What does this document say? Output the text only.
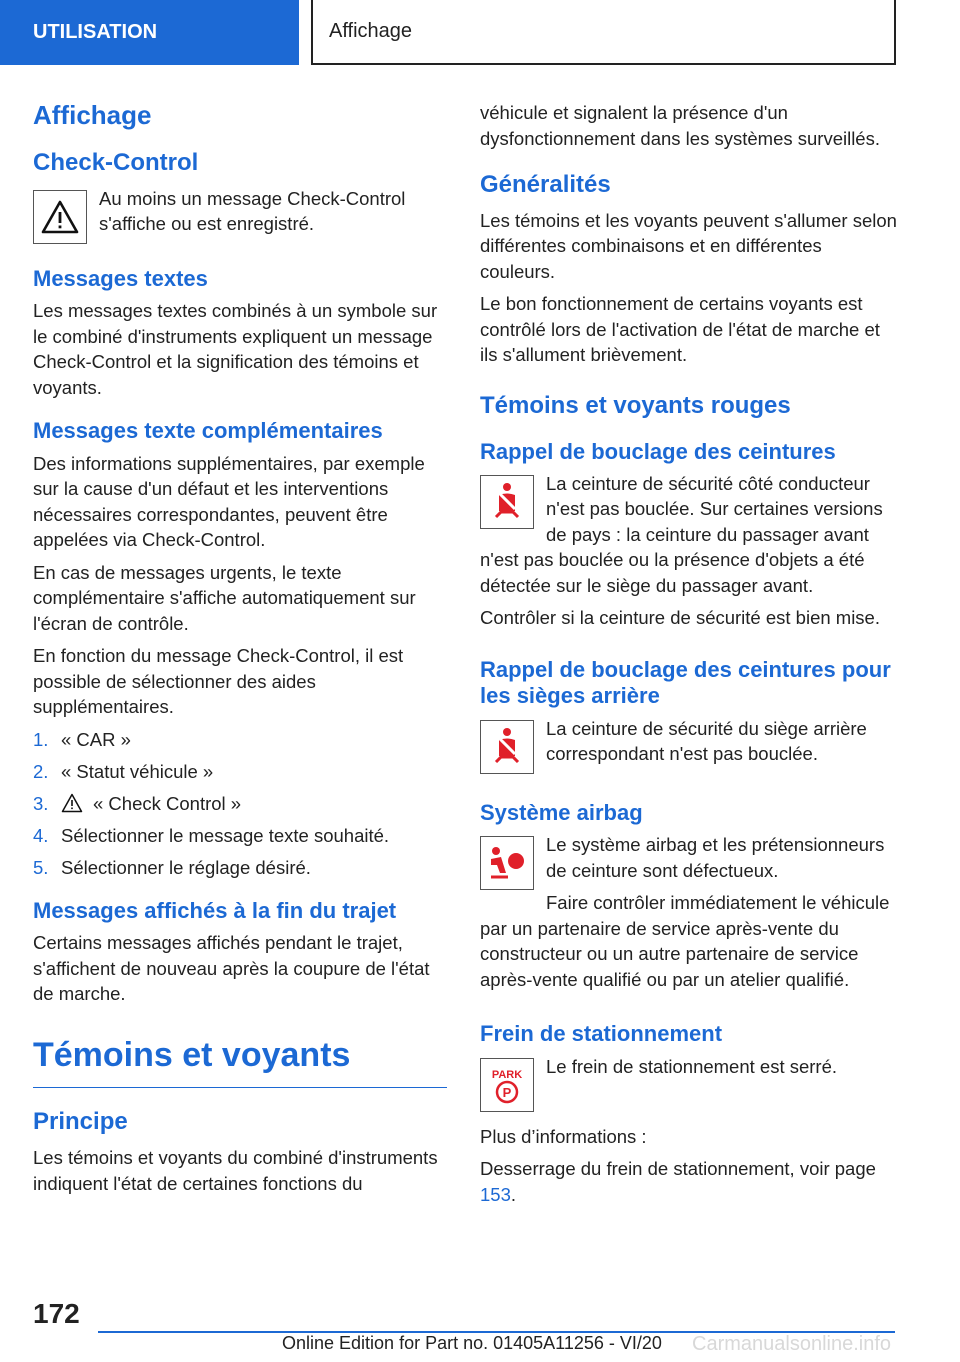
UTILISATION	Affichage
Affichage
Check-Control
Au moins un message Check-Control s'affiche ou est enregistré.
Messages textes
Les messages textes combinés à un symbole sur le combiné d'instruments expliquent un message Check-Control et la signification des témoins et voyants.
Messages texte complémentaires
Des informations supplémentaires, par exemple sur la cause d'un défaut et les interventions nécessaires correspondantes, peuvent être appelées via Check-Control.
En cas de messages urgents, le texte complémentaire s'affiche automatiquement sur l'écran de contrôle.
En fonction du message Check-Control, il est possible de sélectionner des aides supplémentaires.
1. « CAR »
2. « Statut véhicule »
3.	« Check Control »
4. Sélectionner le message texte souhaité.
5. Sélectionner le réglage désiré.
Messages affichés à la fin du trajet
Certains messages affichés pendant le trajet, s'affichent de nouveau après la coupure de l'état de marche.
Témoins et voyants
Principe
Les témoins et voyants du combiné d'instruments indiquent l'état de certaines fonctions du
véhicule et signalent la présence d'un dysfonctionnement dans les systèmes surveillés.
Généralités
Les témoins et les voyants peuvent s'allumer selon différentes combinaisons et en différentes couleurs.
Le bon fonctionnement de certains voyants est contrôlé lors de l'activation de l'état de marche et ils s'allument brièvement.
Témoins et voyants rouges
Rappel de bouclage des ceintures
La ceinture de sécurité côté conducteur n'est pas bouclée. Sur certaines versions de pays : la ceinture du passager avant n'est pas bouclée ou la présence d'objets a été détectée sur le siège du passager avant.
Contrôler si la ceinture de sécurité est bien mise.
Rappel de bouclage des ceintures pour les sièges arrière
La ceinture de sécurité du siège arrière correspondant n'est pas bouclée.
Système airbag
Le système airbag et les prétensionneurs de ceinture sont défectueux.
Faire contrôler immédiatement le véhicule par un partenaire de service après-vente du constructeur ou un autre partenaire de service après-vente qualifié ou par un atelier qualifié.
Frein de stationnement
PARK
P
Le frein de stationnement est serré.
Plus d’informations :
Desserrage du frein de stationnement, voir page 153.
172
Online Edition for Part no. 01405A11256 - VI/20 Carmanualsonline.info
